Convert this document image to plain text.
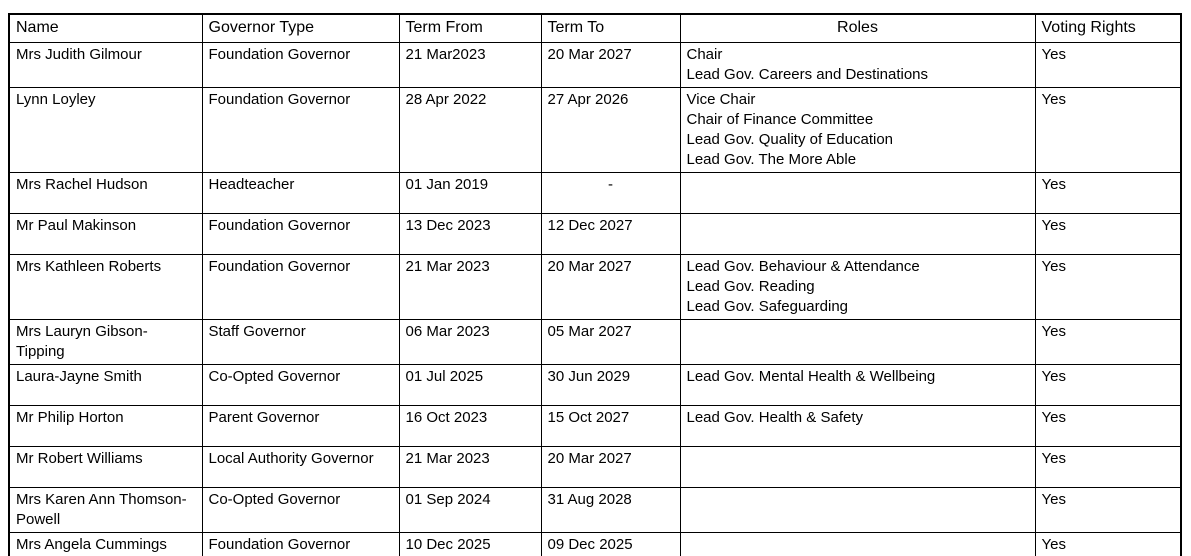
Name	Governor Type	Term From	Term To	Roles	Voting Rights
Mrs Judith Gilmour	Foundation Governor	21 Mar2023	20 Mar 2027	Chair
Lead Gov. Careers and Destinations	Yes
Lynn Loyley	Foundation Governor	28 Apr 2022	27 Apr 2026	Vice Chair
Chair of Finance Committee
Lead Gov. Quality of Education
Lead Gov. The More Able	Yes
Mrs Rachel Hudson	Headteacher	01 Jan 2019	-		Yes
Mr Paul Makinson	Foundation Governor	13 Dec 2023	12 Dec 2027		Yes
Mrs Kathleen Roberts	Foundation Governor	21 Mar 2023	20 Mar 2027	Lead Gov. Behaviour & Attendance
Lead Gov. Reading
Lead Gov. Safeguarding	Yes
Mrs Lauryn Gibson-Tipping	Staff Governor	06 Mar 2023	05 Mar 2027		Yes
Laura-Jayne Smith	Co-Opted Governor	01 Jul 2025	30 Jun 2029	Lead Gov. Mental Health & Wellbeing	Yes
Mr Philip Horton	Parent Governor	16 Oct 2023	15 Oct 2027	Lead Gov. Health & Safety	Yes
Mr Robert Williams	Local Authority Governor	21 Mar 2023	20 Mar 2027		Yes
Mrs Karen Ann Thomson-Powell	Co-Opted Governor	01 Sep 2024	31 Aug 2028		Yes
Mrs Angela Cummings	Foundation Governor	10 Dec 2025	09 Dec 2025		Yes
